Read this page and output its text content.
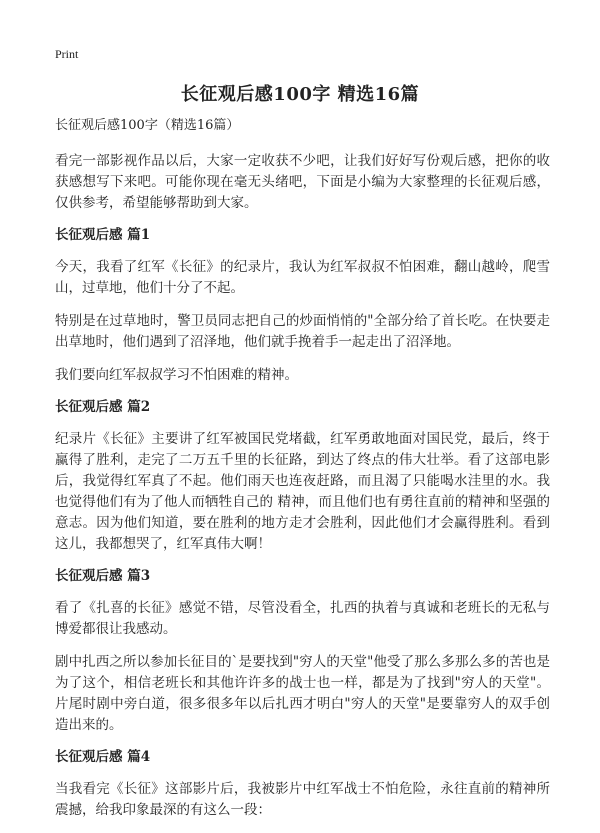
Print
长征观后感100字 精选16篇
长征观后感100字（精选16篇）

看完一部影视作品以后，大家一定收获不少吧，让我们好好写份观后感，把你的收获感想写下来吧。可能你现在毫无头绪吧，下面是小编为大家整理的长征观后感，仅供参考，希望能够帮助到大家。

长征观后感 篇1

今天，我看了红军《长征》的纪录片，我认为红军叔叔不怕困难，翻山越岭，爬雪山，过草地，他们十分了不起。

特别是在过草地时，警卫员同志把自己的炒面悄悄的"全部分给了首长吃。在快要走出草地时，他们遇到了沼泽地，他们就手挽着手一起走出了沼泽地。

我们要向红军叔叔学习不怕困难的精神。

长征观后感 篇2

纪录片《长征》主要讲了红军被国民党堵截，红军勇敢地面对国民党，最后，终于赢得了胜利，走完了二万五千里的长征路，到达了终点的伟大壮举。看了这部电影后，我觉得红军真了不起。他们雨天也连夜赶路，而且渴了只能喝水洼里的水。我也觉得他们有为了他人而牺牲自己的 精神，而且他们也有勇往直前的精神和坚强的意志。因为他们知道，要在胜利的地方走才会胜利，因此他们才会赢得胜利。看到这儿，我都想哭了，红军真伟大啊！

长征观后感 篇3

看了《扎喜的长征》感觉不错，尽管没看全，扎西的执着与真诚和老班长的无私与博爱都很让我感动。

剧中扎西之所以参加长征目的`是要找到"穷人的天堂"他受了那么多那么多的苦也是为了这个，相信老班长和其他许许多的战士也一样，都是为了找到"穷人的天堂"。片尾时剧中旁白道，很多很多年以后扎西才明白"穷人的天堂"是要靠穷人的双手创造出来的。

长征观后感 篇4

当我看完《长征》这部影片后，我被影片中红军战士不怕危险，永往直前的精神所震撼，给我印象最深的有这么一段：
